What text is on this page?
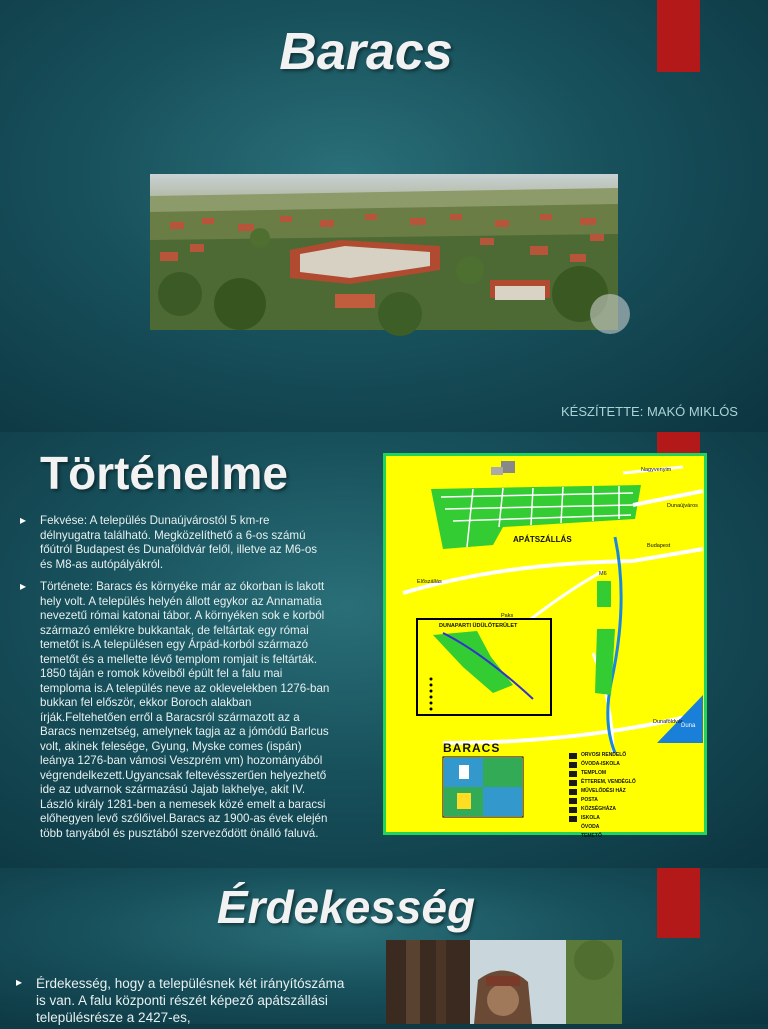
Baracs
KÉSZÍTETTE: MAKÓ MIKLÓS
Történelme
▸ Fekvése: A település Dunaújvárostól 5 km-re délnyugatra található. Megközelíthető a 6-os számú főútról Budapest és Dunaföldvár felől, illetve az M6-os és M8-as autópályákról.
▸ Története: Baracs és környéke már az ókorban is lakott hely volt. A település helyén állott egykor az Annamatia nevezetű római katonai tábor. A környéken sok e korból származó emlékre bukkantak, de feltártak egy római temetőt is.A településen egy Árpád-korból származó temetőt és a mellette lévő templom romjait is feltárták. 1850 táján e romok köveiből épült fel a falu mai temploma is.A település neve az oklevelekben 1276-ban bukkan fel először, ekkor Boroch alakban írják.Feltehetően erről a Baracsról származott az a Baracs nemzetség, amelynek tagja az a jómódú Barlcus volt, akinek felesége, Gyung, Myske comes (ispán) leánya 1276-ban vámosi Veszprém vm) hozományából végrendelkezett.Ugyancsak feltevésszerűen helyezhető ide az udvarnok származású Jajab lakhelye, akit IV. László király 1281-ben a nemesek közé emelt a baracsi előhegyen levő szőlőivel.Baracs az 1900-as évek elején több tanyából és pusztából szerveződött önálló faluvá.
APÁTSZÁLLÁS
DUNAPARTI ÜDÜLŐTERÜLET
BARACS
Nagyvenyim
Dunaújváros
Budapest
M6
Előszállás
Paks
Dunaföldvár
Duna
ORVOSI RENDELŐ
ÓVODA-ISKOLA
TEMPLOM
ÉTTEREM, VENDÉGLŐ
MŰVELŐDÉSI HÁZ
POSTA
KÖZSÉGHÁZA
ISKOLA
ÓVODA
TEMETŐ
Érdekesség
▸ Érdekesség, hogy a településnek két irányítószáma is van. A falu központi részét képező apátszállási településrésze a 2427-es,
